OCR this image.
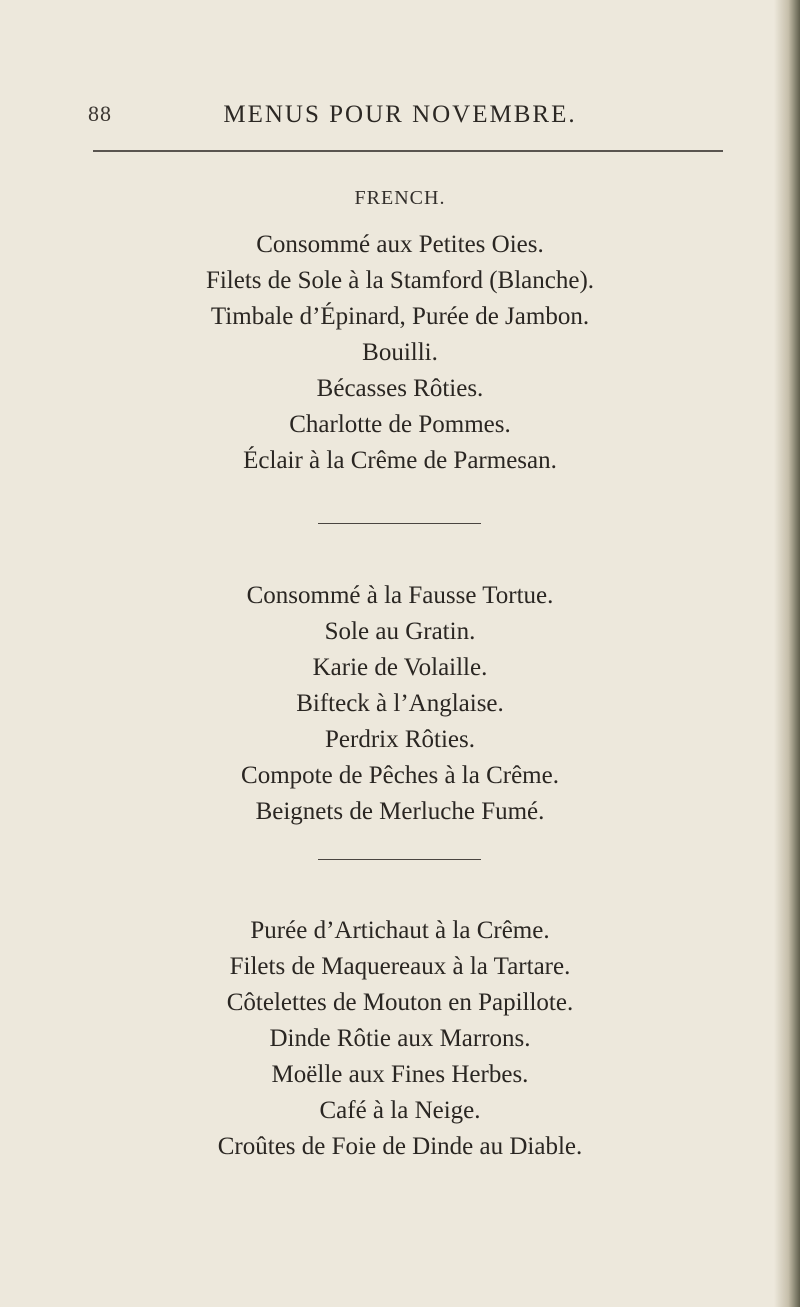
MENUS POUR NOVEMBRE.
88
FRENCH.
Consommé aux Petites Oies.
Filets de Sole à la Stamford (Blanche).
Timbale d’Épinard, Purée de Jambon.
Bouilli.
Bécasses Rôties.
Charlotte de Pommes.
Éclair à la Crême de Parmesan.
Consommé à la Fausse Tortue.
Sole au Gratin.
Karie de Volaille.
Bifteck à l’Anglaise.
Perdrix Rôties.
Compote de Pêches à la Crême.
Beignets de Merluche Fumé.
Purée d’Artichaut à la Crême.
Filets de Maquereaux à la Tartare.
Côtelettes de Mouton en Papillote.
Dinde Rôtie aux Marrons.
Moëlle aux Fines Herbes.
Café à la Neige.
Croûtes de Foie de Dinde au Diable.
